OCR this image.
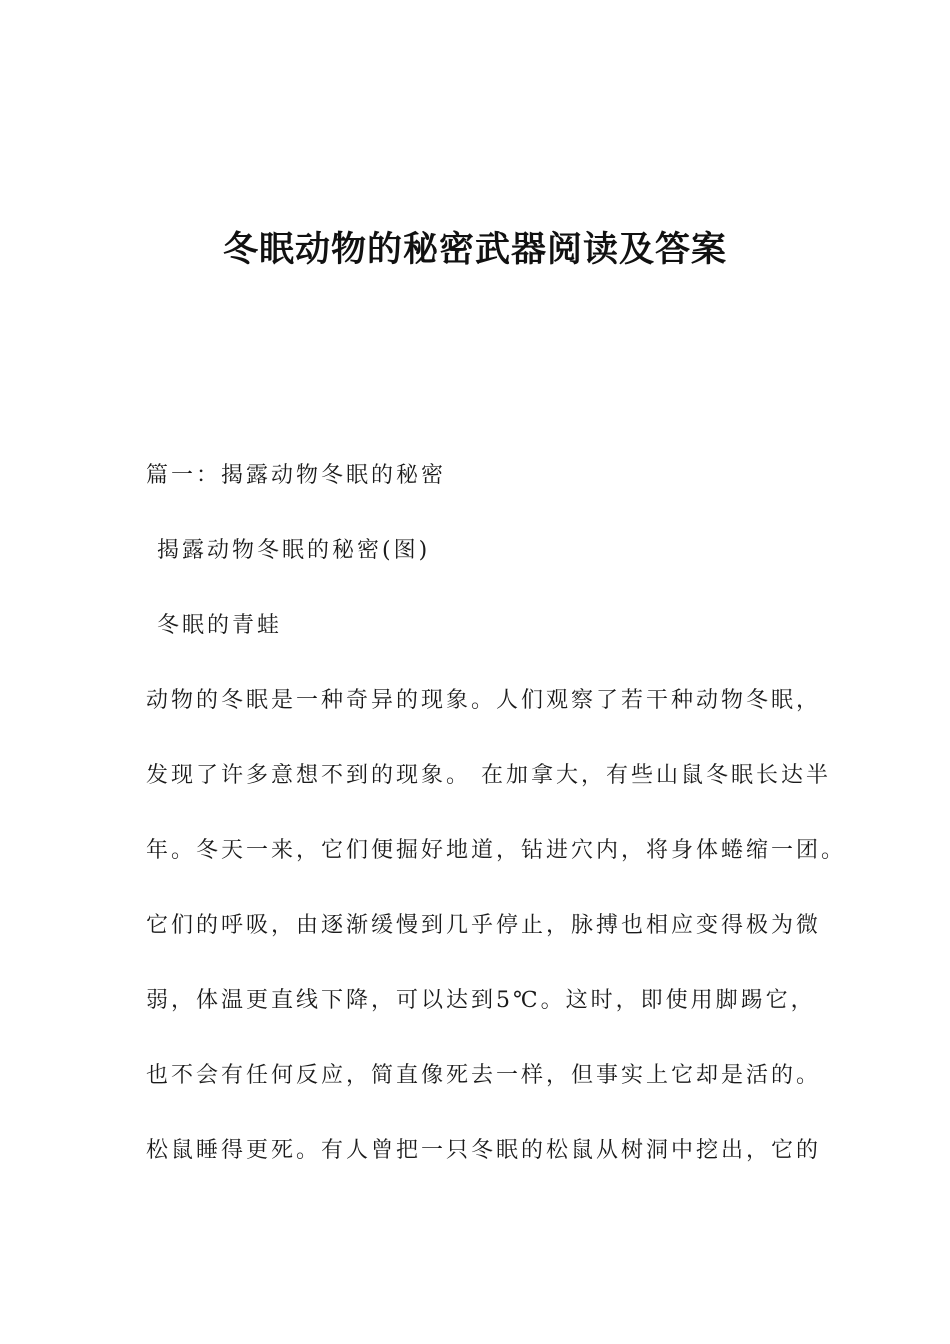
冬眠动物的秘密武器阅读及答案

篇一：揭露动物冬眠的秘密

揭露动物冬眠的秘密(图)

冬眠的青蛙

动物的冬眠是一种奇异的现象。人们观察了若干种动物冬眠，

发现了许多意想不到的现象。 在加拿大，有些山鼠冬眠长达半

年。冬天一来，它们便掘好地道，钻进穴内，将身体蜷缩一团。

它们的呼吸，由逐渐缓慢到几乎停止，脉搏也相应变得极为微

弱，体温更直线下降，可以达到5℃。这时，即使用脚踢它，

也不会有任何反应，简直像死去一样，但事实上它却是活的。

松鼠睡得更死。有人曾把一只冬眠的松鼠从树洞中挖出，它的
